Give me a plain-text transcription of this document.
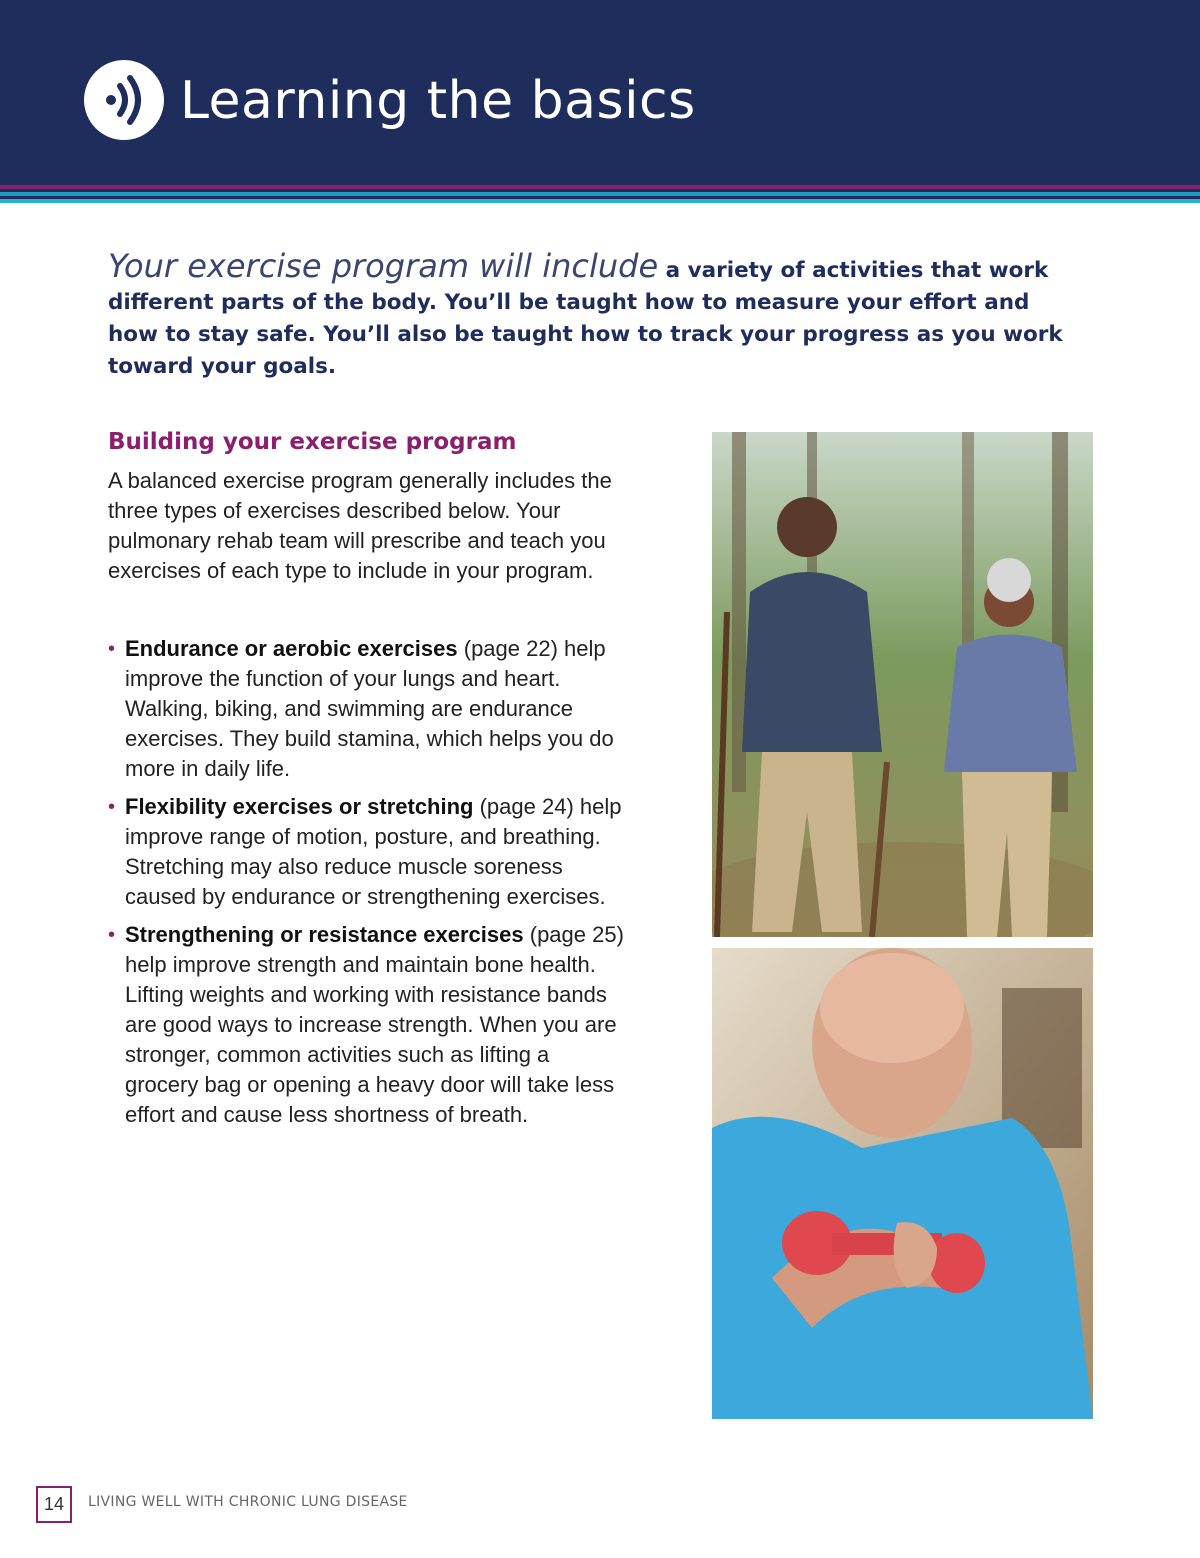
Learning the basics

Your exercise program will include a variety of activities that work different parts of the body. You’ll be taught how to measure your effort and how to stay safe. You’ll also be taught how to track your progress as you work toward your goals.

Building your exercise program

A balanced exercise program generally includes the three types of exercises described below. Your pulmonary rehab team will prescribe and teach you exercises of each type to include in your program.

• Endurance or aerobic exercises (page 22) help improve the function of your lungs and heart. Walking, biking, and swimming are endurance exercises. They build stamina, which helps you do more in daily life.
• Flexibility exercises or stretching (page 24) help improve range of motion, posture, and breathing. Stretching may also reduce muscle soreness caused by endurance or strengthening exercises.
• Strengthening or resistance exercises (page 25) help improve strength and maintain bone health. Lifting weights and working with resistance bands are good ways to increase strength. When you are stronger, common activities such as lifting a grocery bag or opening a heavy door will take less effort and cause less shortness of breath.
14	LIVING WELL WITH CHRONIC LUNG DISEASE
